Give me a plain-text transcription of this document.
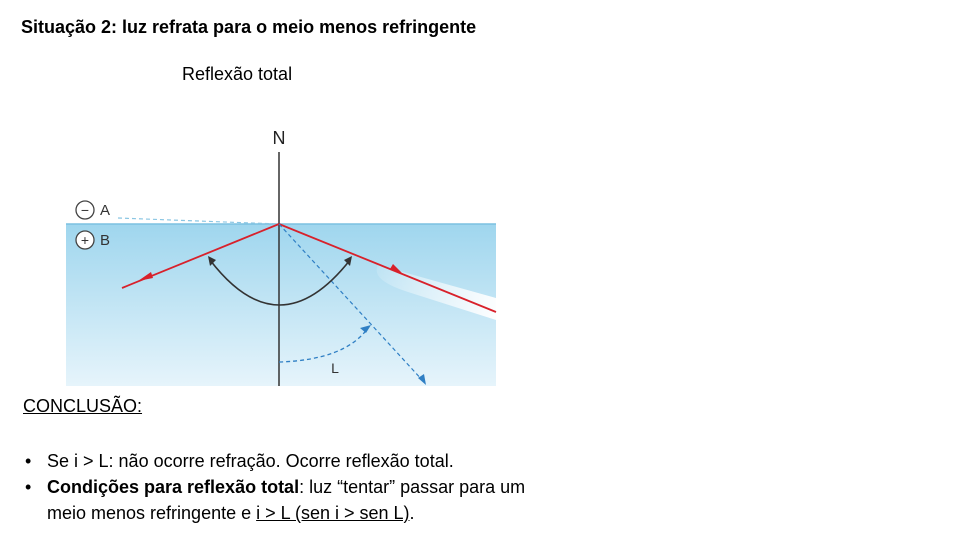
Situação 2: luz refrata para o meio menos refringente
Reflexão total
N
− A
+ B
L
CONCLUSÃO:
• Se i > L: não ocorre refração. Ocorre reflexão total.
• Condições para reflexão total: luz “tentar” passar para um meio menos refringente e i > L (sen i > sen L).
